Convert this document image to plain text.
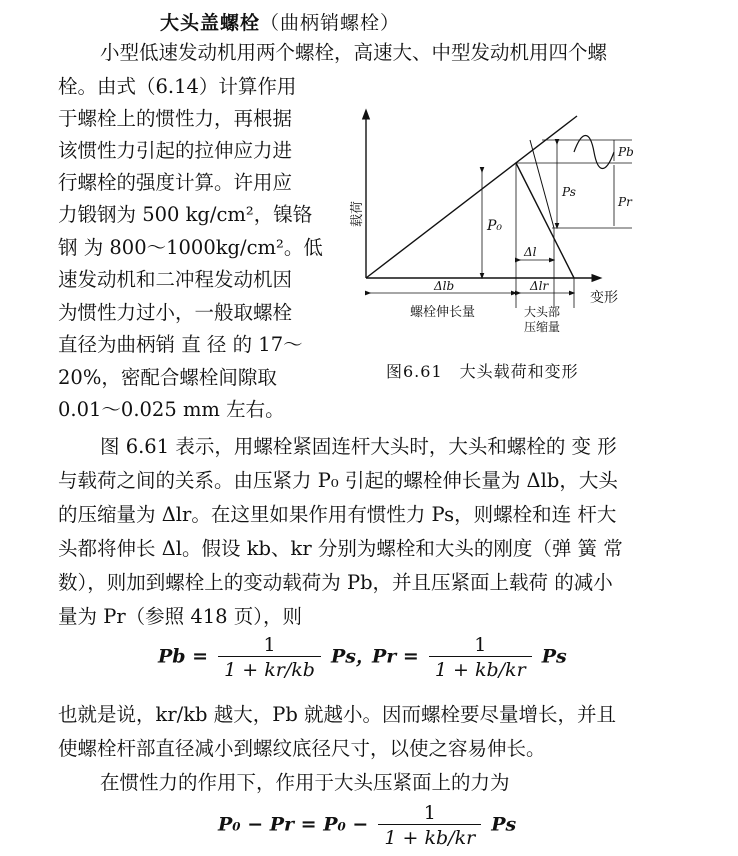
大头盖螺栓（曲柄销螺栓）
小型低速发动机用两个螺栓，高速大、中型发动机用四个螺
栓。由式（6.14）计算作用
于螺栓上的惯性力，再根据
该惯性力引起的拉伸应力进
行螺栓的强度计算。许用应
力锻钢为 500 kg/cm²，镍铬
钢 为 800～1000kg/cm²。低
速发动机和二冲程发动机因
为惯性力过小，一般取螺栓
直径为曲柄销 直 径 的 17～
20%，密配合螺栓间隙取
0.01～0.025 mm 左右。
载荷
变形
P₀
Pb
Ps
Pr
Δl
Δlb	Δlr
螺栓伸长量	大头部
压缩量
图6.61　大头载荷和变形
图 6.61 表示，用螺栓紧固连杆大头时，大头和螺栓的 变 形
与载荷之间的关系。由压紧力 P₀ 引起的螺栓伸长量为 Δlb，大头
的压缩量为 Δlr。在这里如果作用有惯性力 Ps，则螺栓和连 杆大
头都将伸长 Δl。假设 kb、kr 分别为螺栓和大头的刚度（弹 簧 常
数），则加到螺栓上的变动载荷为 Pb，并且压紧面上载荷 的减小
量为 Pr（参照 418 页），则
$Pb = \frac{1}{1 + kr/kb}$ Ps，
$Pr = \frac{1}{1 + kb/kr}$ Ps
也就是说，kr/kb 越大，Pb 就越小。因而螺栓要尽量增长，并且
使螺栓杆部直径减小到螺纹底径尺寸，以使之容易伸长。
在惯性力的作用下，作用于大头压紧面上的力为
$P_0 - Pr = P_0 - \frac{1}{1 + kb/kr}$ Ps
